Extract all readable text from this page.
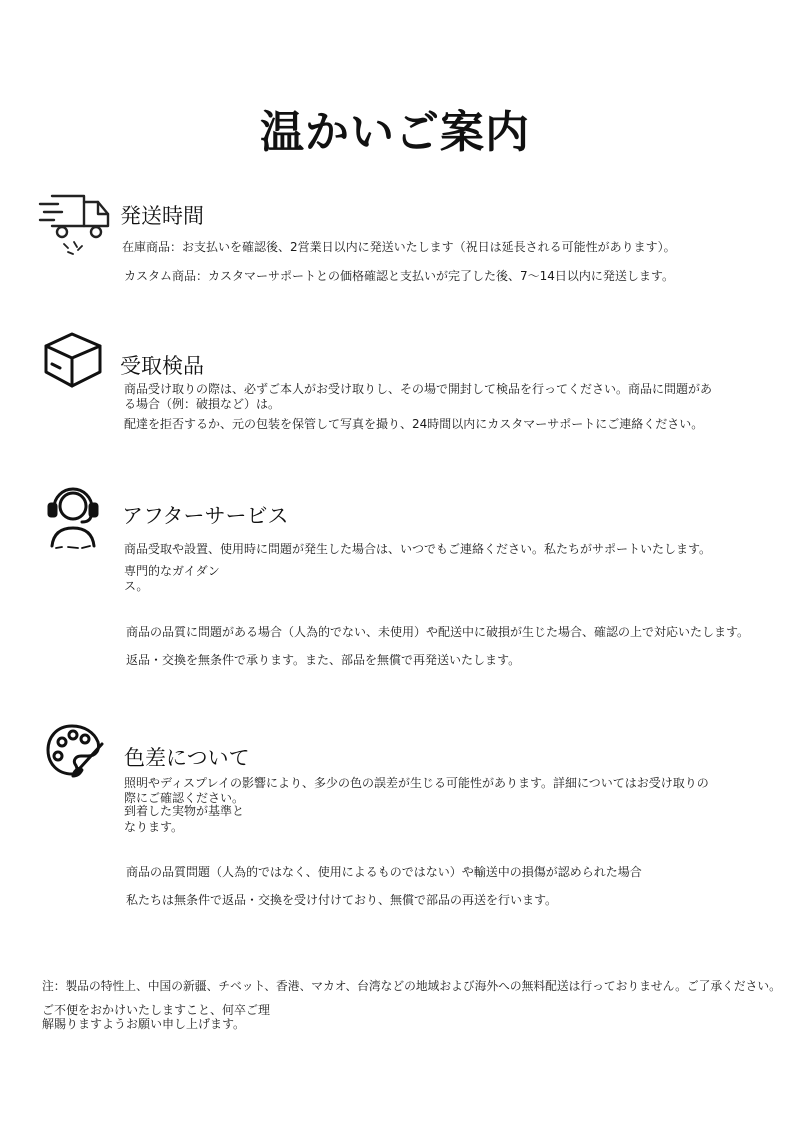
温かいご案内
発送時間
在庫商品：お支払いを確認後、2営業日以内に発送いたします（祝日は延長される可能性があります）。
カスタム商品：カスタマーサポートとの価格確認と支払いが完了した後、7〜14日以内に発送します。
受取検品
商品受け取りの際は、必ずご本人がお受け取りし、その場で開封して検品を行ってください。商品に問題があ
る場合（例：破損など）は。
配達を拒否するか、元の包装を保管して写真を撮り、24時間以内にカスタマーサポートにご連絡ください。
アフターサービス
商品受取や設置、使用時に問題が発生した場合は、いつでもご連絡ください。私たちがサポートいたします。
専門的なガイダン
ス。
商品の品質に問題がある場合（人為的でない、未使用）や配送中に破損が生じた場合、確認の上で対応いたします。
返品・交換を無条件で承ります。また、部品を無償で再発送いたします。
色差について
照明やディスプレイの影響により、多少の色の誤差が生じる可能性があります。詳細についてはお受け取りの
際にご確認ください。
到着した実物が基準と
なります。
商品の品質問題（人為的ではなく、使用によるものではない）や輸送中の損傷が認められた場合
私たちは無条件で返品・交換を受け付けており、無償で部品の再送を行います。
注：製品の特性上、中国の新疆、チベット、香港、マカオ、台湾などの地域および海外への無料配送は行っておりません。ご了承ください。
ご不便をおかけいたしますこと、何卒ご理
解賜りますようお願い申し上げます。
